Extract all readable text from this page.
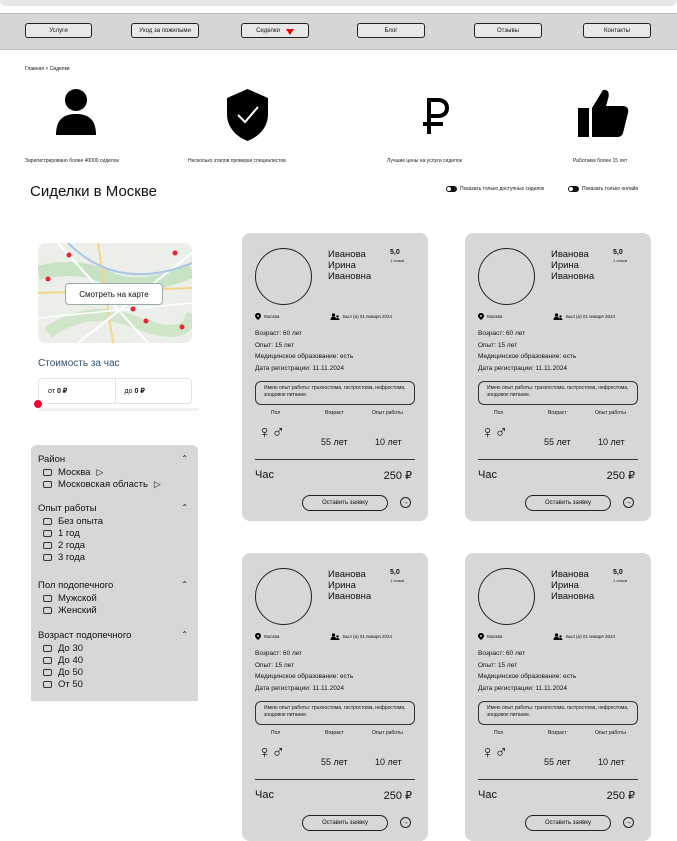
Услуги	Уход за пожилыми	Сиделки	Блог	Отзывы	Контакты
Главная > Сиделки
Зарегистрировано более 40000 сиделок	Несколько этапов проверки специалистов	Лучшие цены на услуги сиделок	Работаем более 15 лет
Сиделки в Москве	Показать только доступных сиделок	Показать только онлайн
Смотреть на карте
Стоимость за час
от 0 ₽	до 0 ₽
Район	⌃
Москва ▷
Московская область ▷
Опыт работы	⌃
Без опыта
1 год
2 года
3 года
Пол подопечного	⌃
Мужской
Женский
Возраст подопечного	⌃
До 30
До 40
До 50
От 50
Иванова
Ирина
Ивановна
5,0
1 отзыв
Москва	Был (а) 01 января 2024
Возраст: 60 лет
Опыт: 15 лет
Медицинское образование: есть
Дата регистрации: 11.11.2024
Имею опыт работы: трахеостома, гастростома, нефростома, зондовое питание.
Пол	Возраст	Опыт работы
♀♂	55 лет	10 лет
Час	250 ₽
Оставить заявку	→
Иванова
Ирина
Ивановна
5,0
1 отзыв
Москва	Был (а) 01 января 2024
Возраст: 60 лет
Опыт: 15 лет
Медицинское образование: есть
Дата регистрации: 11.11.2024
Имею опыт работы: трахеостома, гастростома, нефростома, зондовое питание.
Пол	Возраст	Опыт работы
♀♂	55 лет	10 лет
Час	250 ₽
Оставить заявку	→
Иванова
Ирина
Ивановна
5,0
1 отзыв
Москва	Был (а) 01 января 2024
Возраст: 60 лет
Опыт: 15 лет
Медицинское образование: есть
Дата регистрации: 11.11.2024
Имею опыт работы: трахеостома, гастростома, нефростома, зондовое питание.
Пол	Возраст	Опыт работы
♀♂	55 лет	10 лет
Час	250 ₽
Оставить заявку	→
Иванова
Ирина
Ивановна
5,0
1 отзыв
Москва	Был (а) 01 января 2024
Возраст: 60 лет
Опыт: 15 лет
Медицинское образование: есть
Дата регистрации: 11.11.2024
Имею опыт работы: трахеостома, гастростома, нефростома, зондовое питание.
Пол	Возраст	Опыт работы
♀♂	55 лет	10 лет
Час	250 ₽
Оставить заявку	→
